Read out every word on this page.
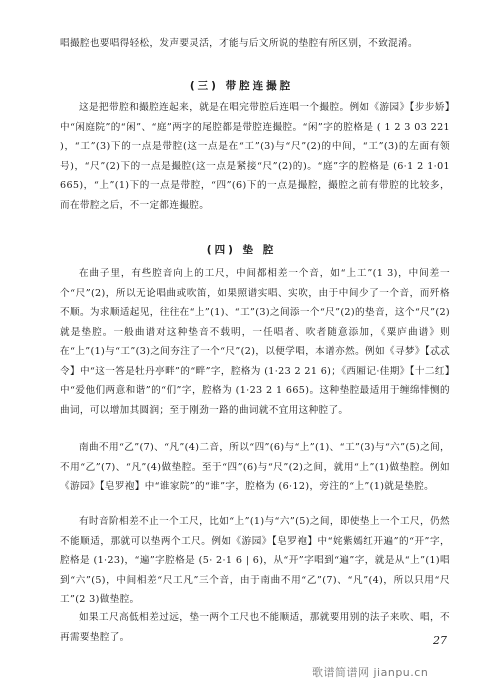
唱撮腔也要唱得轻松，发声要灵活，才能与后文所说的垫腔有所区别，不致混淆。
(三) 带腔连撮腔
这是把带腔和撮腔连起来，就是在唱完带腔后连唱一个撮腔。例如《游园》【步步娇】中“闲庭院”的“闲”、“庭”两字的尾腔都是带腔连撮腔。“闲”字的腔格是 ( 1 2 3 03 221 )，“工”(3)下的一点是带腔(这一点是在“工”(3)与“尺”(2)的中间，“工”(3)的左面有领号)，“尺”(2)下的一点是撮腔(这一点是紧接“尺”(2)的)。“庭”字的腔格是 (6·1 2 1·01 665)，“上”(1)下的一点是带腔，“四”(6)下的一点是撮腔，撮腔之前有带腔的比较多，而在带腔之后，不一定都连撮腔。
(四) 垫 腔
在曲子里，有些腔音向上的工尺，中间都相差一个音，如“上工”(1 3)，中间差一个“尺”(2)，所以无论唱曲或吹笛，如果照谱实唱、实吹，由于中间少了一个音，而歼格不顺。为求顺适起见，往往在“上”(1)、“工”(3)之间添一个“尺”(2)的垫音，这个“尺”(2)就是垫腔。一般曲谱对这种垫音不载明，一任唱者、吹者随意添加，《粟庐曲谱》则在“上”(1)与“工”(3)之间夯注了一个“尺”(2)，以便学唱，本谱亦然。例如《寻梦》【忒忒令】中“这一答是牡丹亭畔”的“畔”字，腔格为 (1·23 2 21 6)；《西厢记·佳期》【十二红】中“爱他们两意和谐”的“们”字，腔格为 (1·23 2 1 665)。这种垫腔最适用于缠绵悱恻的曲词，可以增加其圆润；至于刚劲一路的曲词就不宜用这种腔了。
南曲不用“乙”(7)、“凡”(4)二音，所以“四”(6)与“上”(1)、“工”(3)与“六”(5)之间，不用“乙”(7)、“凡”(4)做垫腔。至于“四”(6)与“尺”(2)之间，就用“上”(1)做垫腔。例如《游园》【皂罗袍】中“谁家院”的“谁”字，腔格为 (6·12)，旁注的“上”(1)就是垫腔。
有时音阶相差不止一个工尺，比如“上”(1)与“六”(5)之间，即使垫上一个工尺，仍然不能顺适，那就可以垫两个工尺。例如《游园》【皂罗袍】中“姹紫嫣红开遍”的“开”字，腔格是 (1·23)，“遍”字腔格是 (5· 2·1 6 | 6)，从“开”字唱到“遍”字，就是从“上”(1)唱到“六”(5)，中间相差“尺工凡”三个音，由于南曲不用“乙”(7)、“凡”(4)，所以只用“尺工”(2 3)做垫腔。
如果工尺高低相差过远，垫一两个工尺也不能顺适，那就要用别的法子来吹、唱，不再需要垫腔了。	27
歌谱简谱网 jianpu.cn
